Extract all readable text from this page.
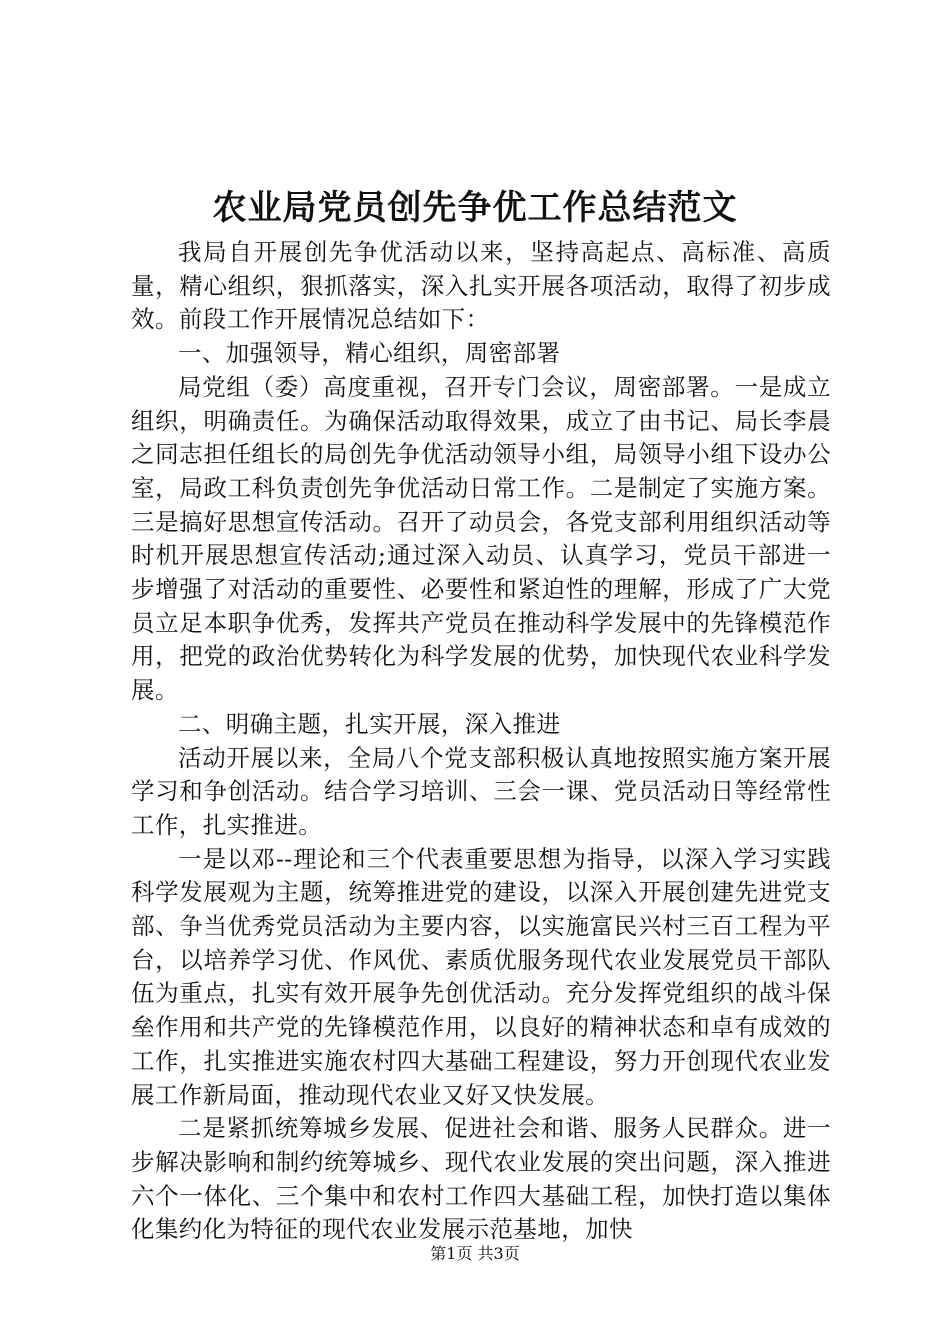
农业局党员创先争优工作总结范文

我局自开展创先争优活动以来，坚持高起点、高标准、高质量，精心组织，狠抓落实，深入扎实开展各项活动，取得了初步成效。前段工作开展情况总结如下：

一、加强领导，精心组织，周密部署

局党组（委）高度重视，召开专门会议，周密部署。一是成立组织，明确责任。为确保活动取得效果，成立了由书记、局长李晨之同志担任组长的局创先争优活动领导小组，局领导小组下设办公室，局政工科负责创先争优活动日常工作。二是制定了实施方案。三是搞好思想宣传活动。召开了动员会，各党支部利用组织活动等时机开展思想宣传活动;通过深入动员、认真学习，党员干部进一步增强了对活动的重要性、必要性和紧迫性的理解，形成了广大党员立足本职争优秀，发挥共产党员在推动科学发展中的先锋模范作用，把党的政治优势转化为科学发展的优势，加快现代农业科学发展。

二、明确主题，扎实开展，深入推进

活动开展以来，全局八个党支部积极认真地按照实施方案开展学习和争创活动。结合学习培训、三会一课、党员活动日等经常性工作，扎实推进。

一是以邓--理论和三个代表重要思想为指导，以深入学习实践科学发展观为主题，统筹推进党的建设，以深入开展创建先进党支部、争当优秀党员活动为主要内容，以实施富民兴村三百工程为平台，以培养学习优、作风优、素质优服务现代农业发展党员干部队伍为重点，扎实有效开展争先创优活动。充分发挥党组织的战斗保垒作用和共产党的先锋模范作用，以良好的精神状态和卓有成效的工作，扎实推进实施农村四大基础工程建设，努力开创现代农业发展工作新局面，推动现代农业又好又快发展。

二是紧抓统筹城乡发展、促进社会和谐、服务人民群众。进一步解决影响和制约统筹城乡、现代农业发展的突出问题，深入推进六个一体化、三个集中和农村工作四大基础工程，加快打造以集体化集约化为特征的现代农业发展示范基地，加快

第1页 共3页
